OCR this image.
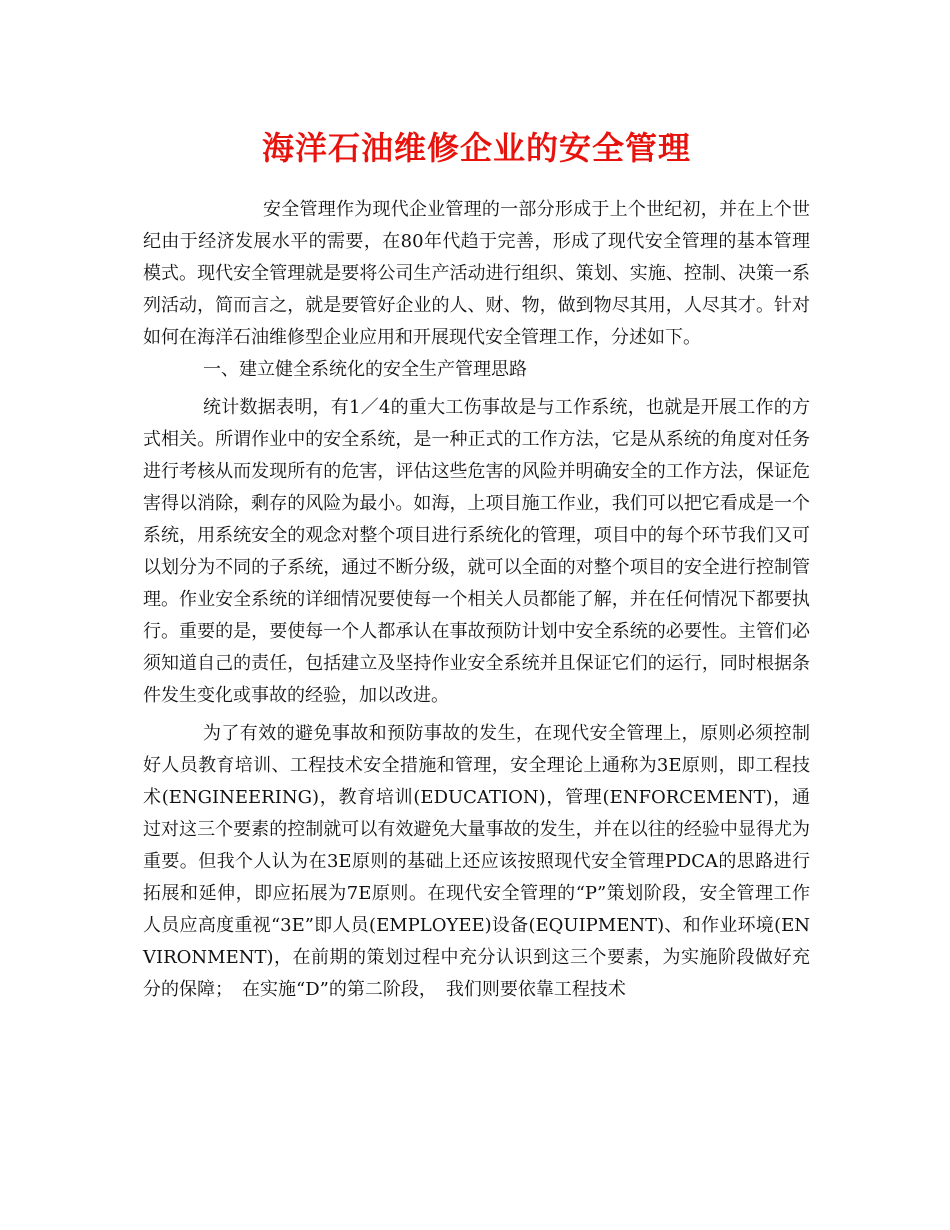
海洋石油维修企业的安全管理

安全管理作为现代企业管理的一部分形成于上个世纪初，并在上个世纪由于经济发展水平的需要，在80年代趋于完善，形成了现代安全管理的基本管理模式。现代安全管理就是要将公司生产活动进行组织、策划、实施、控制、决策一系列活动，简而言之，就是要管好企业的人、财、物，做到物尽其用，人尽其才。针对如何在海洋石油维修型企业应用和开展现代安全管理工作，分述如下。

一、建立健全系统化的安全生产管理思路

统计数据表明，有1／4的重大工伤事故是与工作系统，也就是开展工作的方式相关。所谓作业中的安全系统，是一种正式的工作方法，它是从系统的角度对任务进行考核从而发现所有的危害，评估这些危害的风险并明确安全的工作方法，保证危害得以消除，剩存的风险为最小。如海，上项目施工作业，我们可以把它看成是一个系统，用系统安全的观念对整个项目进行系统化的管理，项目中的每个环节我们又可以划分为不同的子系统，通过不断分级，就可以全面的对整个项目的安全进行控制管理。作业安全系统的详细情况要使每一个相关人员都能了解，并在任何情况下都要执行。重要的是，要使每一个人都承认在事故预防计划中安全系统的必要性。主管们必须知道自己的责任，包括建立及坚持作业安全系统并且保证它们的运行，同时根据条件发生变化或事故的经验，加以改进。

为了有效的避免事故和预防事故的发生，在现代安全管理上，原则必须控制好人员教育培训、工程技术安全措施和管理，安全理论上通称为3E原则，即工程技术(ENGINEERING)，教育培训(EDUCATION)，管理(ENFORCEMENT)，通过对这三个要素的控制就可以有效避免大量事故的发生，并在以往的经验中显得尤为重要。但我个人认为在3E原则的基础上还应该按照现代安全管理PDCA的思路进行拓展和延伸，即应拓展为7E原则。在现代安全管理的“P”策划阶段，安全管理工作人员应高度重视“3E”即人员(EMPLOYEE)设备(EQUIPMENT)、和作业环境(ENVIRONMENT)，在前期的策划过程中充分认识到这三个要素，为实施阶段做好充分的保障；　在实施“D”的第二阶段，　我们则要依靠工程技术
